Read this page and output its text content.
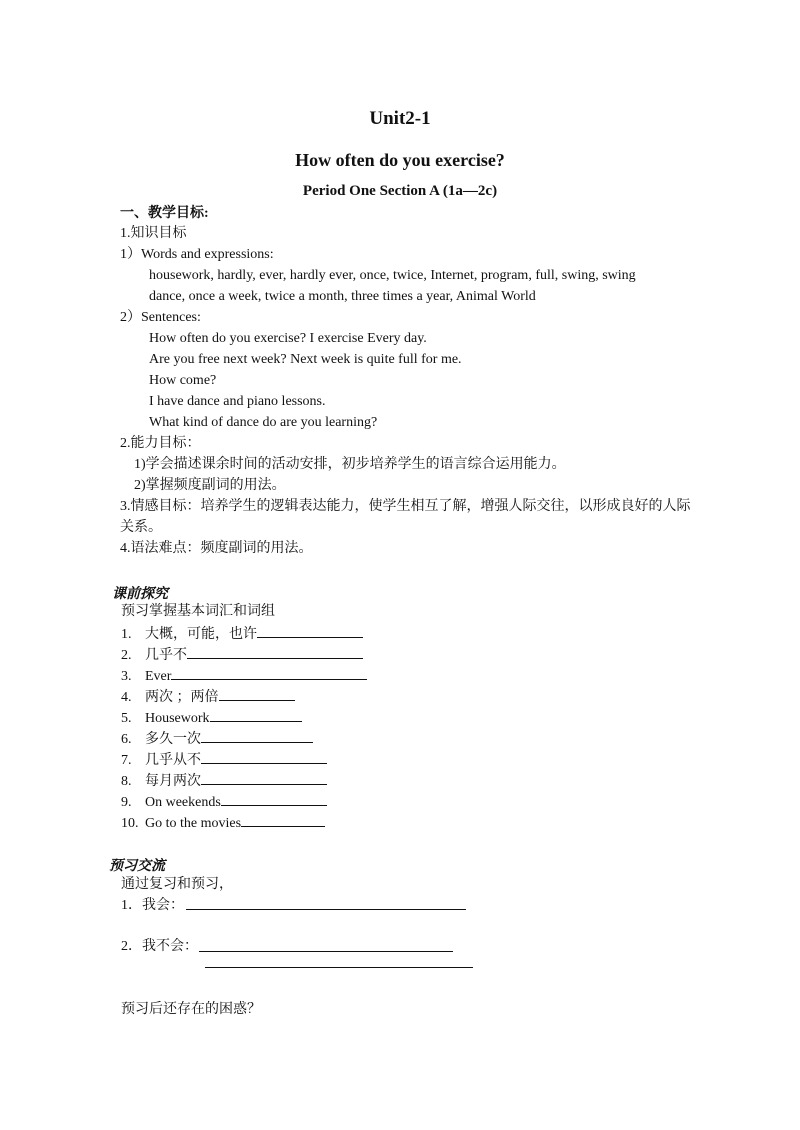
Unit2-1
How often do you exercise?
Period One Section A (1a—2c)
一、教学目标:
1.知识目标
1）Words and expressions:
housework, hardly, ever, hardly ever, once, twice, Internet, program, full, swing, swing
dance, once a week, twice a month, three times a year, Animal World
2）Sentences:
How often do you exercise? I exercise Every day.
Are you free next week? Next week is quite full for me.
How come?
I have dance and piano lessons.
What kind of dance do are you learning?
2.能力目标：
1)学会描述课余时间的活动安排，初步培养学生的语言综合运用能力。
2)掌握频度副词的用法。
3.情感目标：培养学生的逻辑表达能力，使学生相互了解，增强人际交往，以形成良好的人际
关系。
4.语法难点：频度副词的用法。
课前探究
预习掌握基本词汇和词组
1. 大概，可能，也许
2. 几乎不
3. Ever
4. 两次 ；两倍
5. Housework
6. 多久一次
7. 几乎从不
8. 每月两次
9. On weekends
10. Go to the movies
预习交流
通过复习和预习，
1．我会：
2．我不会：
预习后还存在的困惑？
